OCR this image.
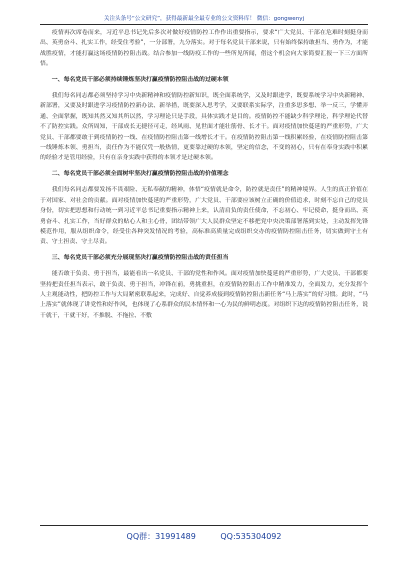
关注头条号“公文研究”，获得最新最全最专业的公文资料库！ 微信：gongwenyj

疫情再次席卷而来，习近平总书记先后多次对做好疫情防控工作作出重要指示，要求“广大党员、干部在危难时刻挺身而出、英勇奋斗、扎实工作，经受住考验”，一分部署，九分落实。对于每名党员干部来说，只有始终保持敢担当、勇作为，才能战胜疫情，才能打赢这场疫情防控阻击战。结合参加一线防疫工作的一些所见所闻，借这个机会向大家简要汇报一下三方面所悟。

一、每名党员干部必须持续锤炼坚决打赢疫情防控阻击战的过硬本领

我们每名同志都必须坚持学习中央新精神和疫情防控新知识，既全面系统学，又及时跟进学，既要系统学习中央新精神、新部署，又要及时跟进学习疫情防控新办法、新举措，既要深入思考学，又要联系实际学，注重多思多想、举一反三，学懂弄通、全面掌握，既知其然又知其所以然，学习理论只是手段，具体实践才是目的。疫情防控不能缺少科学理论，科学理论代替不了防控实践。众所周知，干部成长无捷径可走，经风雨、见世面才能壮筋骨、长才干。面对疫情加快蔓延的严重形势，广大党员、干部都要敢于到疫情防控一线、在疫情防控阻击第一线增长才干。在疫情防控阻击第一线积累经验，在疫情防控阻击第一线锤炼本领、勇担当，责任作为不能仅凭一般热情，更要靠过硬的本领，坚定的信念，不变的初心，只有在奉身实践中积累的经验才是管用经验，只有在亲身实践中获得的本领才是过硬本领。

二、每名党员干部必须全面树牢坚决打赢疫情防控阻击战的价值理念

我们每名同志都要发扬不畏艰险、无私奉献的精神，体悟“疫情就是命令，防控就是责任”的精神境界。人生的真正价值在于对国家、对社会的贡献。面对疫情加快蔓延的严重形势，广大党员、干部要应该树立正确的价值追求，时刻不忘自己的党员身份，切实把思想和行动统一到习近平总书记重要指示精神上来，认清肩负的责任使命，不忘初心、牢记使命，挺身而出、英勇奋斗、扎实工作，当好群众的贴心人和主心骨，团结带领广大人民群众坚定不移把党中央决策部署落到实处，主动发挥先锋模范作用，服从组织命令，经受住各种突发情况的考验，高标准高质量完成组织交办的疫情防控阻击任务，切实做到守土有责、守土担责、守土尽责。

三、每名党员干部必须充分展现坚决打赢疫情防控阻击战的责任担当

能否敢于负责、勇于担当，最能看出一名党员、干部的党性和作风。面对疫情加快蔓延的严重形势，广大党员、干部都要坚持把责任担当表示，敢于负责、勇于担当，冲锋在前，勇挑重担，在疫情防控阻击工作中精准发力，全面发力，充分发挥个人主观能动性，把防控工作与大局紧密联系起来，完成好、自觉养成接到疫情防控阻击新任务“马上落实”的好习惯。此时，“马上落实”就体现了讲党性和好作风，也体现了心系群众的民本情怀和一心为民的鲜明态度。对组织下达的疫情防控阻击任务，说干就干，干就干好，不推脱、不拖拉、不敷

QQ群：31991489	QQ:535304092
